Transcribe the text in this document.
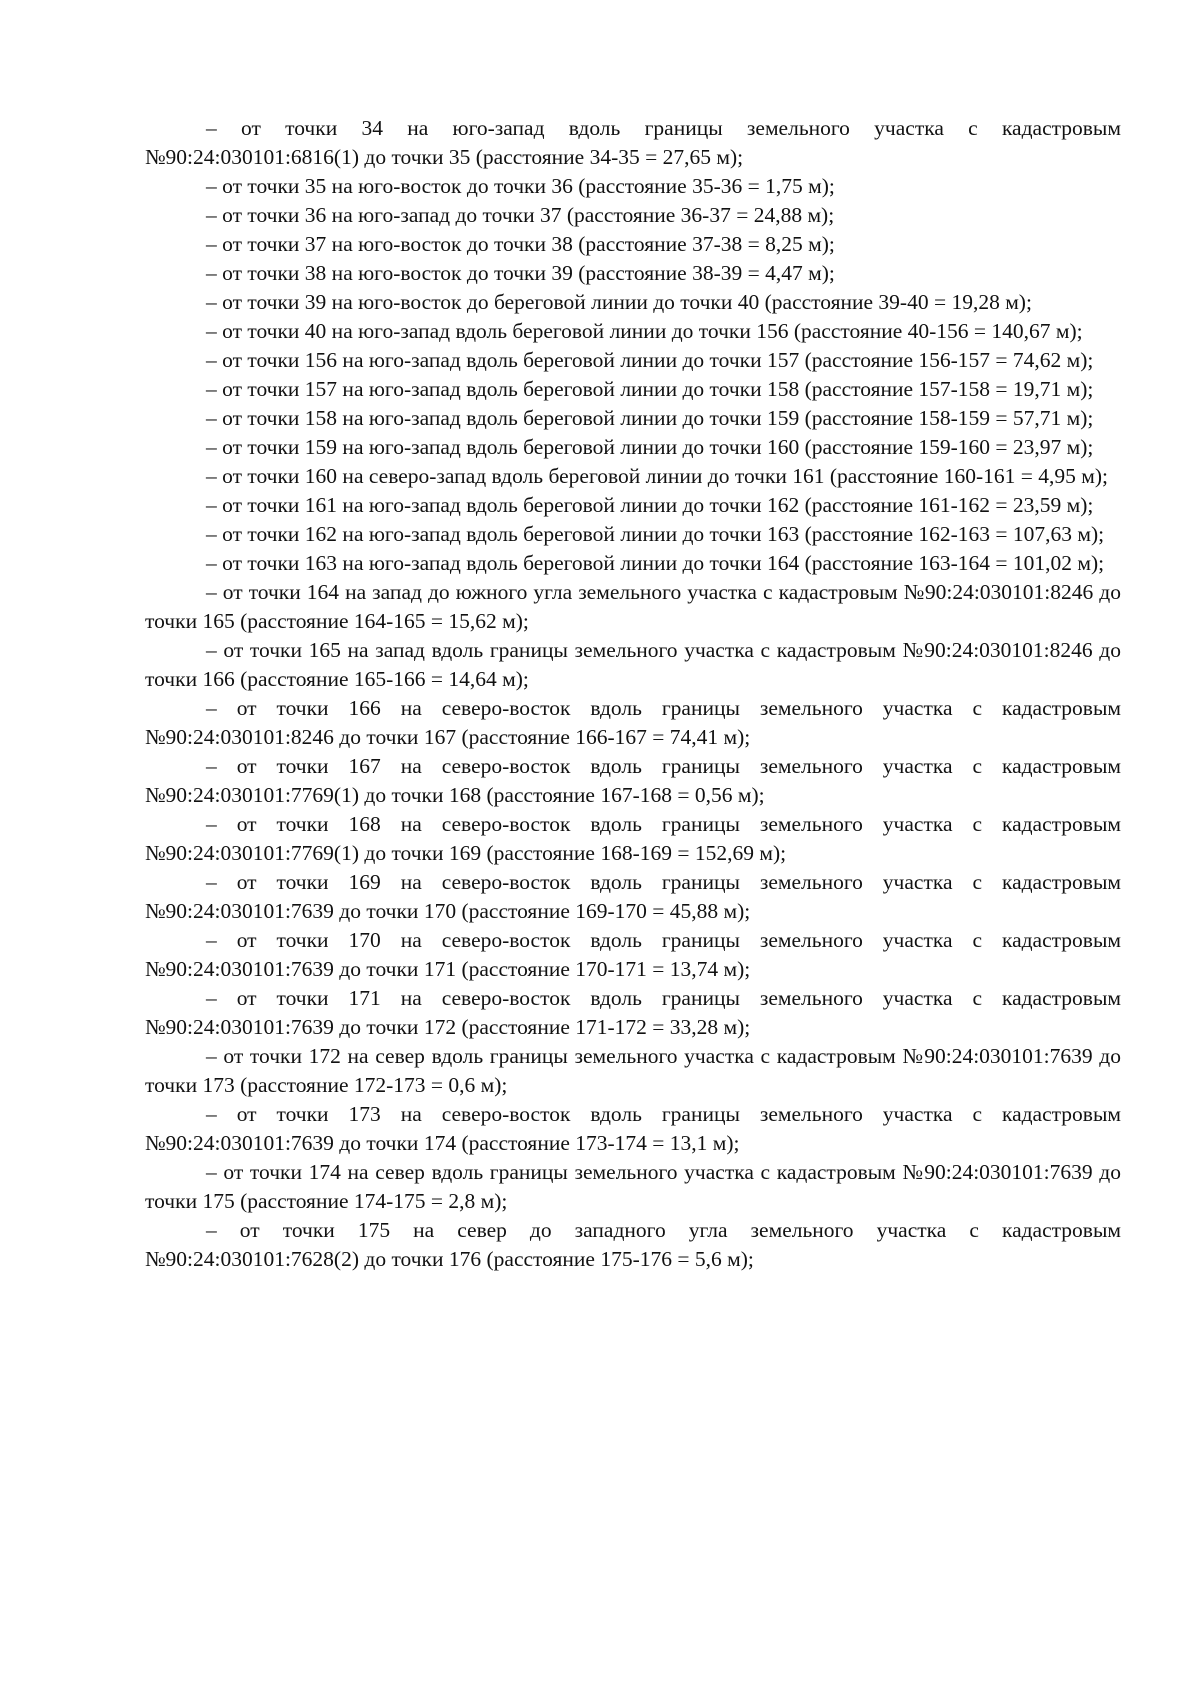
– от точки 34 на юго-запад вдоль границы земельного участка с кадастровым №90:24:030101:6816(1) до точки 35 (расстояние 34-35 = 27,65 м);

– от точки 35 на юго-восток до точки 36 (расстояние 35-36 = 1,75 м);

– от точки 36 на юго-запад до точки 37 (расстояние 36-37 = 24,88 м);

– от точки 37 на юго-восток до точки 38 (расстояние 37-38 = 8,25 м);

– от точки 38 на юго-восток до точки 39 (расстояние 38-39 = 4,47 м);

– от точки 39 на юго-восток до береговой линии до точки 40 (расстояние 39-40 = 19,28 м);

– от точки 40 на юго-запад вдоль береговой линии до точки 156 (расстояние 40-156 = 140,67 м);

– от точки 156 на юго-запад вдоль береговой линии до точки 157 (расстояние 156-157 = 74,62 м);

– от точки 157 на юго-запад вдоль береговой линии до точки 158 (расстояние 157-158 = 19,71 м);

– от точки 158 на юго-запад вдоль береговой линии до точки 159 (расстояние 158-159 = 57,71 м);

– от точки 159 на юго-запад вдоль береговой линии до точки 160 (расстояние 159-160 = 23,97 м);

– от точки 160 на северо-запад вдоль береговой линии до точки 161 (расстояние 160-161 = 4,95 м);

– от точки 161 на юго-запад вдоль береговой линии до точки 162 (расстояние 161-162 = 23,59 м);

– от точки 162 на юго-запад вдоль береговой линии до точки 163 (расстояние 162-163 = 107,63 м);

– от точки 163 на юго-запад вдоль береговой линии до точки 164 (расстояние 163-164 = 101,02 м);

– от точки 164 на запад до южного угла земельного участка с кадастровым №90:24:030101:8246 до точки 165 (расстояние 164-165 = 15,62 м);

– от точки 165 на запад вдоль границы земельного участка с кадастровым №90:24:030101:8246 до точки 166 (расстояние 165-166 = 14,64 м);

– от точки 166 на северо-восток вдоль границы земельного участка с кадастровым №90:24:030101:8246 до точки 167 (расстояние 166-167 = 74,41 м);

– от точки 167 на северо-восток вдоль границы земельного участка с кадастровым №90:24:030101:7769(1) до точки 168 (расстояние 167-168 = 0,56 м);

– от точки 168 на северо-восток вдоль границы земельного участка с кадастровым №90:24:030101:7769(1) до точки 169 (расстояние 168-169 = 152,69 м);

– от точки 169 на северо-восток вдоль границы земельного участка с кадастровым №90:24:030101:7639 до точки 170 (расстояние 169-170 = 45,88 м);

– от точки 170 на северо-восток вдоль границы земельного участка с кадастровым №90:24:030101:7639 до точки 171 (расстояние 170-171 = 13,74 м);

– от точки 171 на северо-восток вдоль границы земельного участка с кадастровым №90:24:030101:7639 до точки 172 (расстояние 171-172 = 33,28 м);

– от точки 172 на север вдоль границы земельного участка с кадастровым №90:24:030101:7639 до точки 173 (расстояние 172-173 = 0,6 м);

– от точки 173 на северо-восток вдоль границы земельного участка с кадастровым №90:24:030101:7639 до точки 174 (расстояние 173-174 = 13,1 м);

– от точки 174 на север вдоль границы земельного участка с кадастровым №90:24:030101:7639 до точки 175 (расстояние 174-175 = 2,8 м);

– от точки 175 на север до западного угла земельного участка с кадастровым №90:24:030101:7628(2) до точки 176 (расстояние 175-176 = 5,6 м);
